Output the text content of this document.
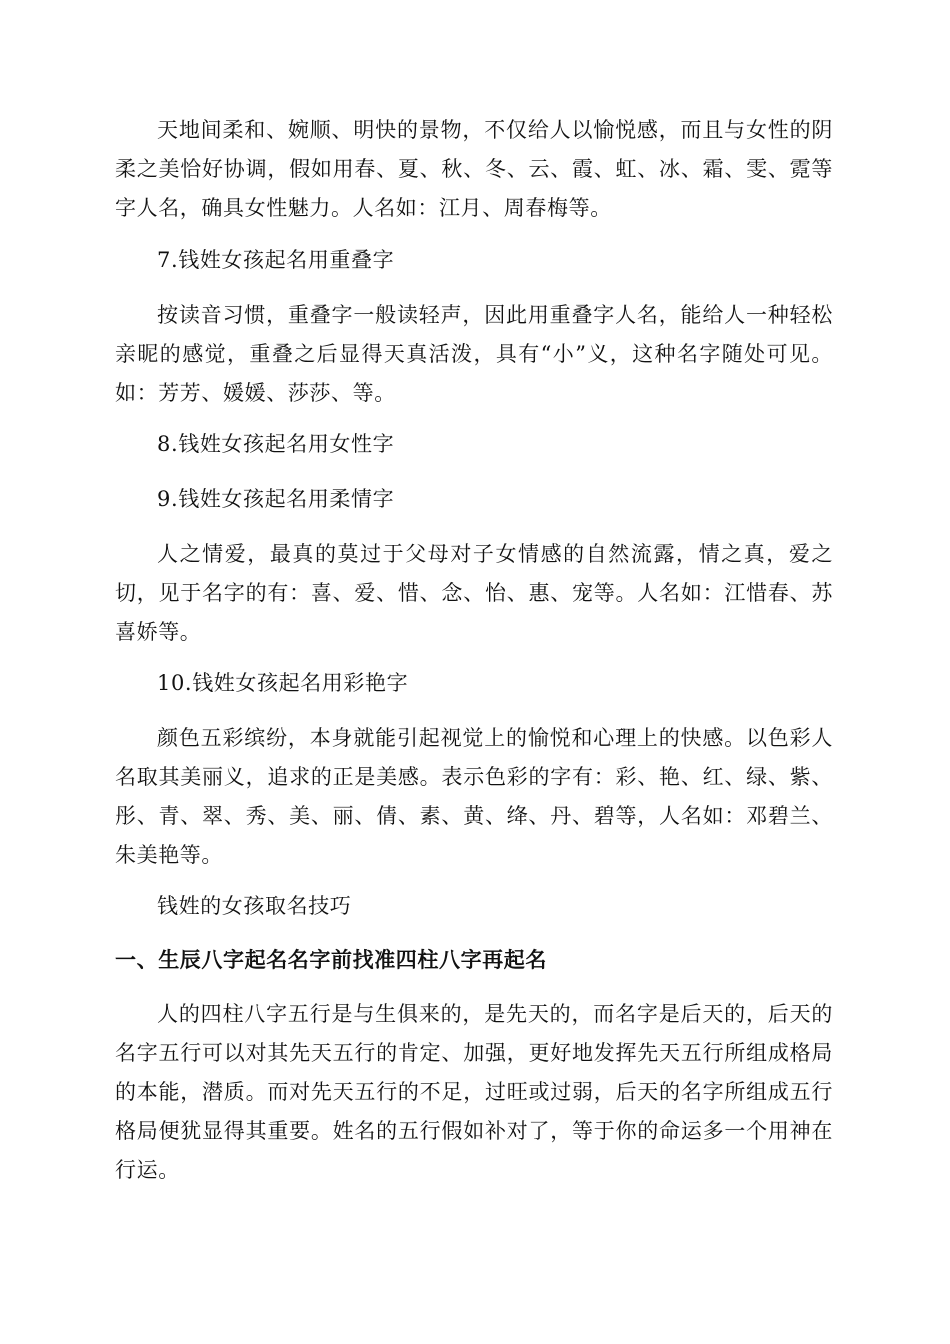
天地间柔和、婉顺、明快的景物，不仅给人以愉悦感，而且与女性的阴柔之美恰好协调，假如用春、夏、秋、冬、云、霞、虹、冰、霜、雯、霓等字人名，确具女性魅力。人名如：江月、周春梅等。

7.钱姓女孩起名用重叠字

按读音习惯，重叠字一般读轻声，因此用重叠字人名，能给人一种轻松亲昵的感觉，重叠之后显得天真活泼，具有“小”义，这种名字随处可见。如：芳芳、媛媛、莎莎、等。

8.钱姓女孩起名用女性字

9.钱姓女孩起名用柔情字

人之情爱，最真的莫过于父母对子女情感的自然流露，情之真，爱之切，见于名字的有：喜、爱、惜、念、怡、惠、宠等。人名如：江惜春、苏喜娇等。

10.钱姓女孩起名用彩艳字

颜色五彩缤纷，本身就能引起视觉上的愉悦和心理上的快感。以色彩人名取其美丽义，追求的正是美感。表示色彩的字有：彩、艳、红、绿、紫、彤、青、翠、秀、美、丽、倩、素、黄、绛、丹、碧等，人名如：邓碧兰、朱美艳等。

钱姓的女孩取名技巧

一、生辰八字起名名字前找准四柱八字再起名

人的四柱八字五行是与生俱来的，是先天的，而名字是后天的，后天的名字五行可以对其先天五行的肯定、加强，更好地发挥先天五行所组成格局的本能，潜质。而对先天五行的不足，过旺或过弱，后天的名字所组成五行格局便犹显得其重要。姓名的五行假如补对了，等于你的命运多一个用神在行运。
